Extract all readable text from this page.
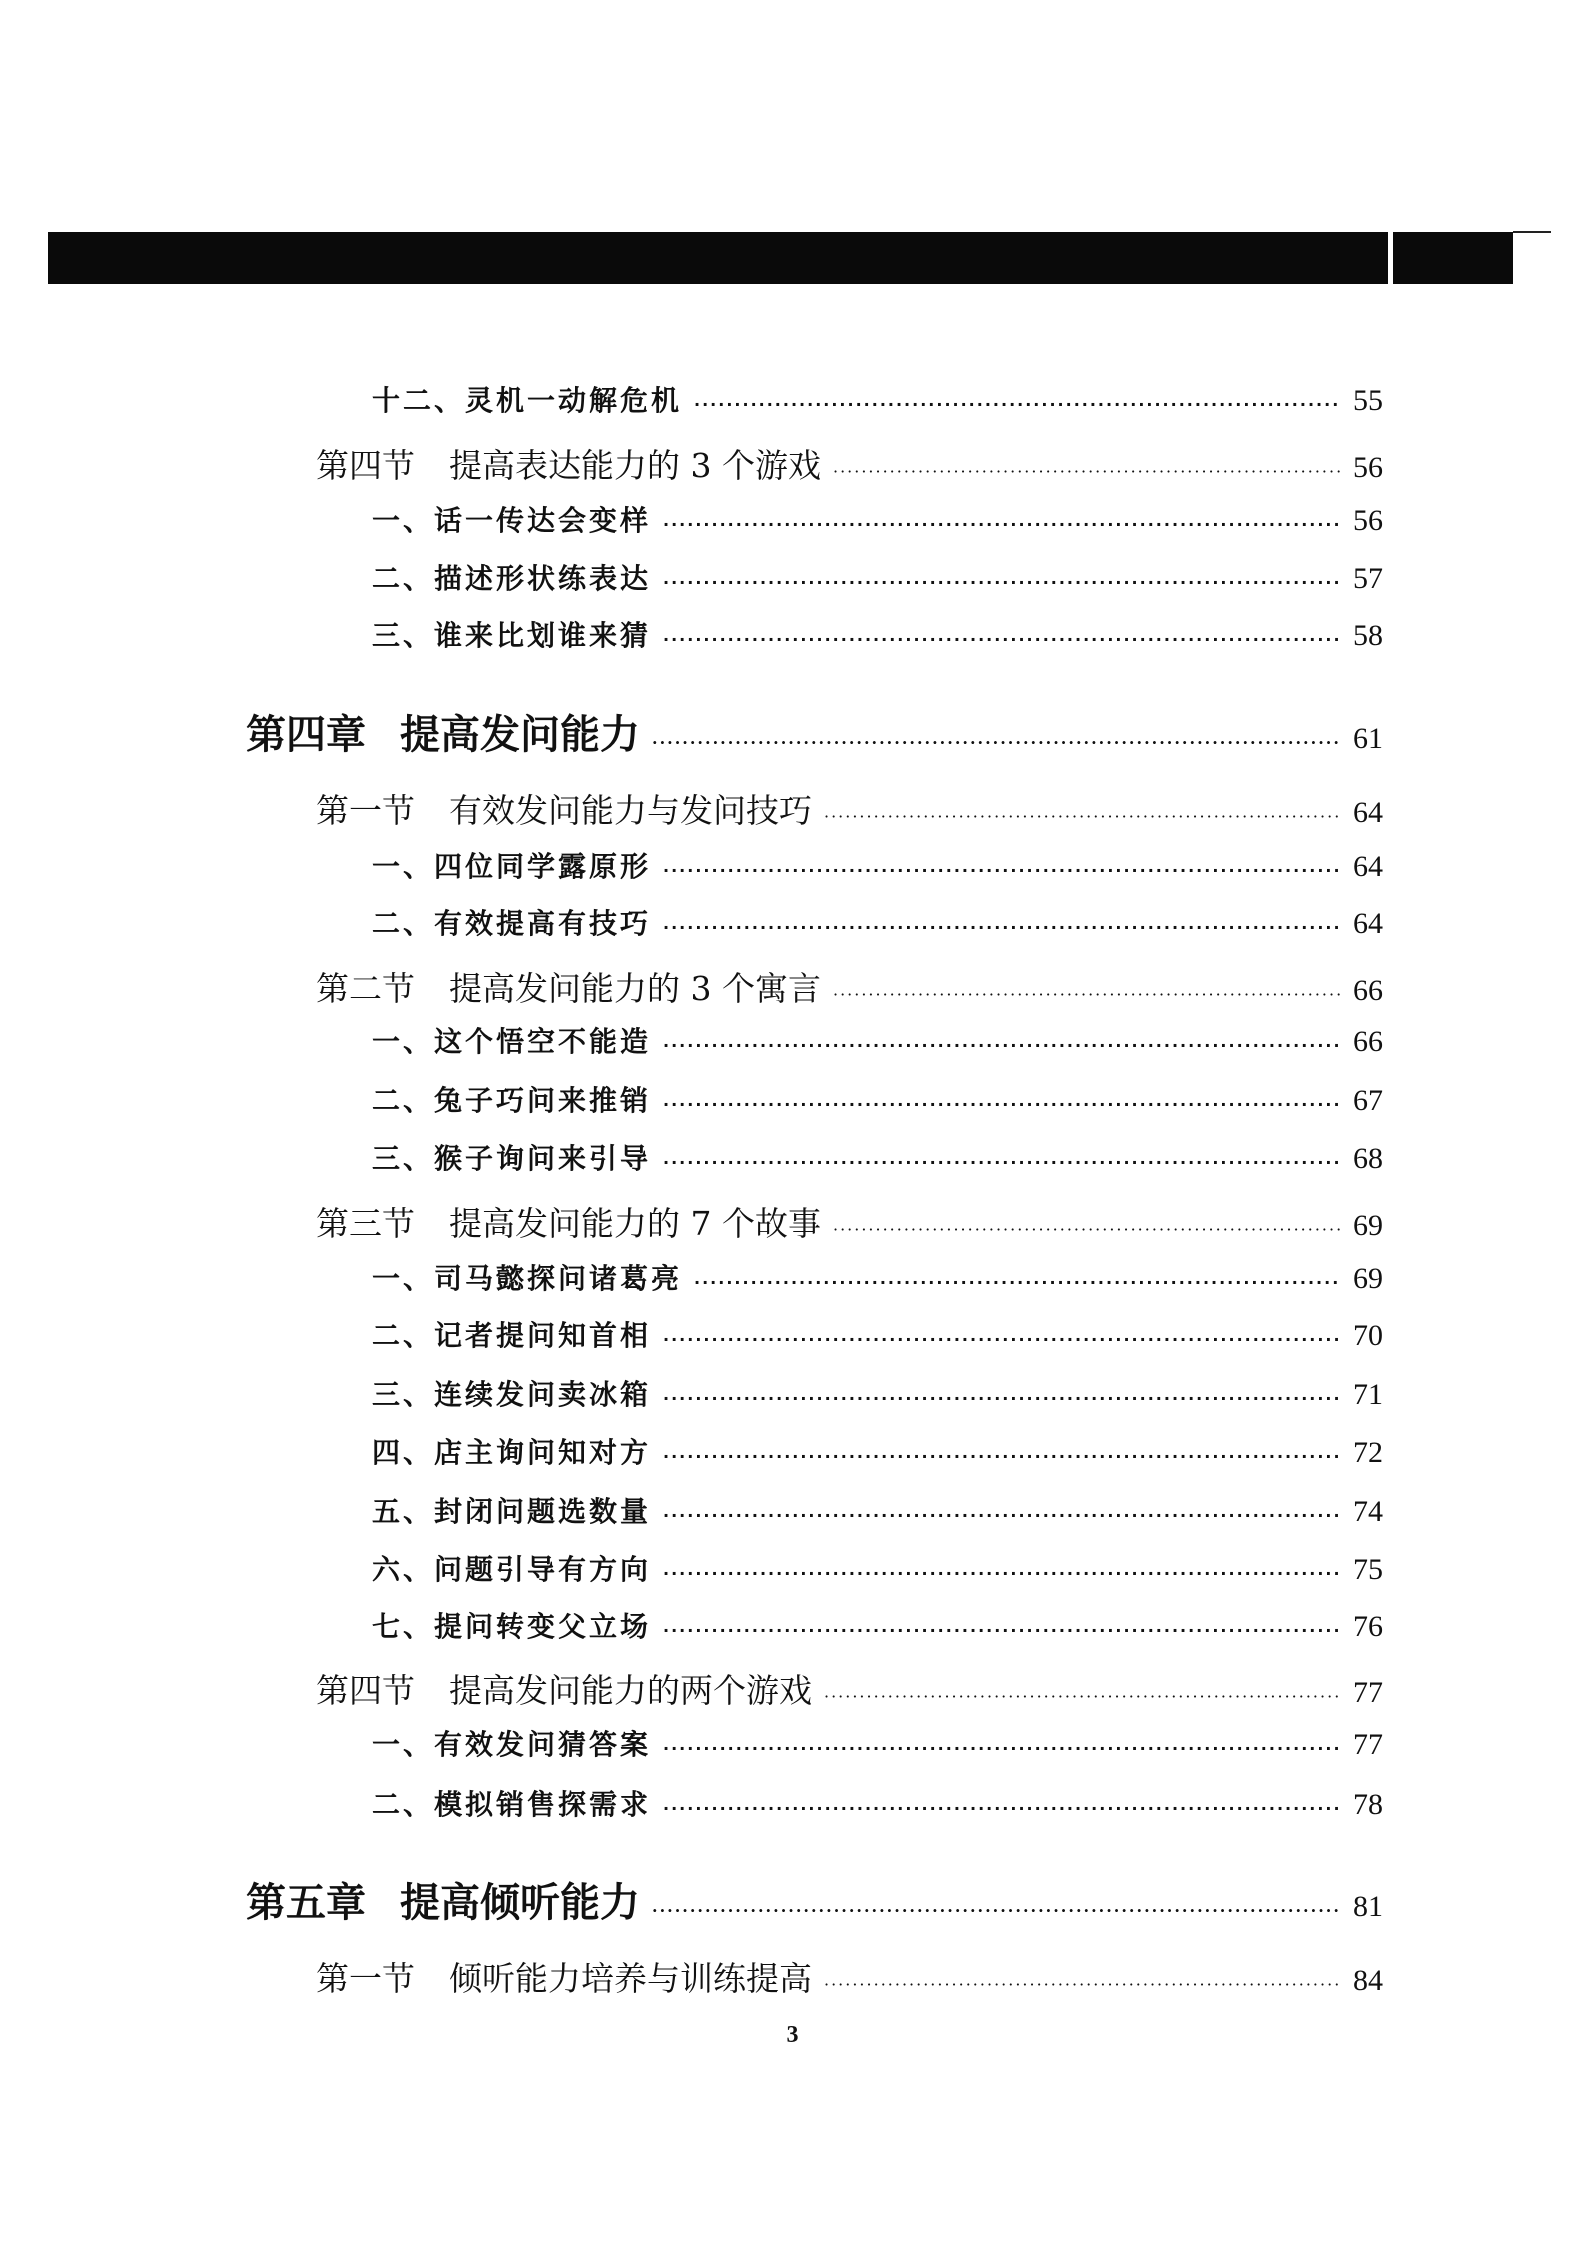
十二、灵机一动解危机 ·····	55
第四节 提高表达能力的 3 个游戏 ·····	56
一、话一传达会变样 ·····	56
二、描述形状练表达 ·····	57
三、谁来比划谁来猜 ·····	58
第四章 提高发问能力 ·····	61
第一节 有效发问能力与发问技巧 ·····	64
一、四位同学露原形 ·····	64
二、有效提高有技巧 ·····	64
第二节 提高发问能力的 3 个寓言 ·····	66
一、这个悟空不能造 ·····	66
二、兔子巧问来推销 ·····	67
三、猴子询问来引导 ·····	68
第三节 提高发问能力的 7 个故事 ·····	69
一、司马懿探问诸葛亮 ·····	69
二、记者提问知首相 ·····	70
三、连续发问卖冰箱 ·····	71
四、店主询问知对方 ·····	72
五、封闭问题选数量 ·····	74
六、问题引导有方向 ·····	75
七、提问转变父立场 ·····	76
第四节 提高发问能力的两个游戏 ·····	77
一、有效发问猜答案 ·····	77
二、模拟销售探需求 ·····	78
第五章 提高倾听能力 ·····	81
第一节 倾听能力培养与训练提高 ·····	84
3
